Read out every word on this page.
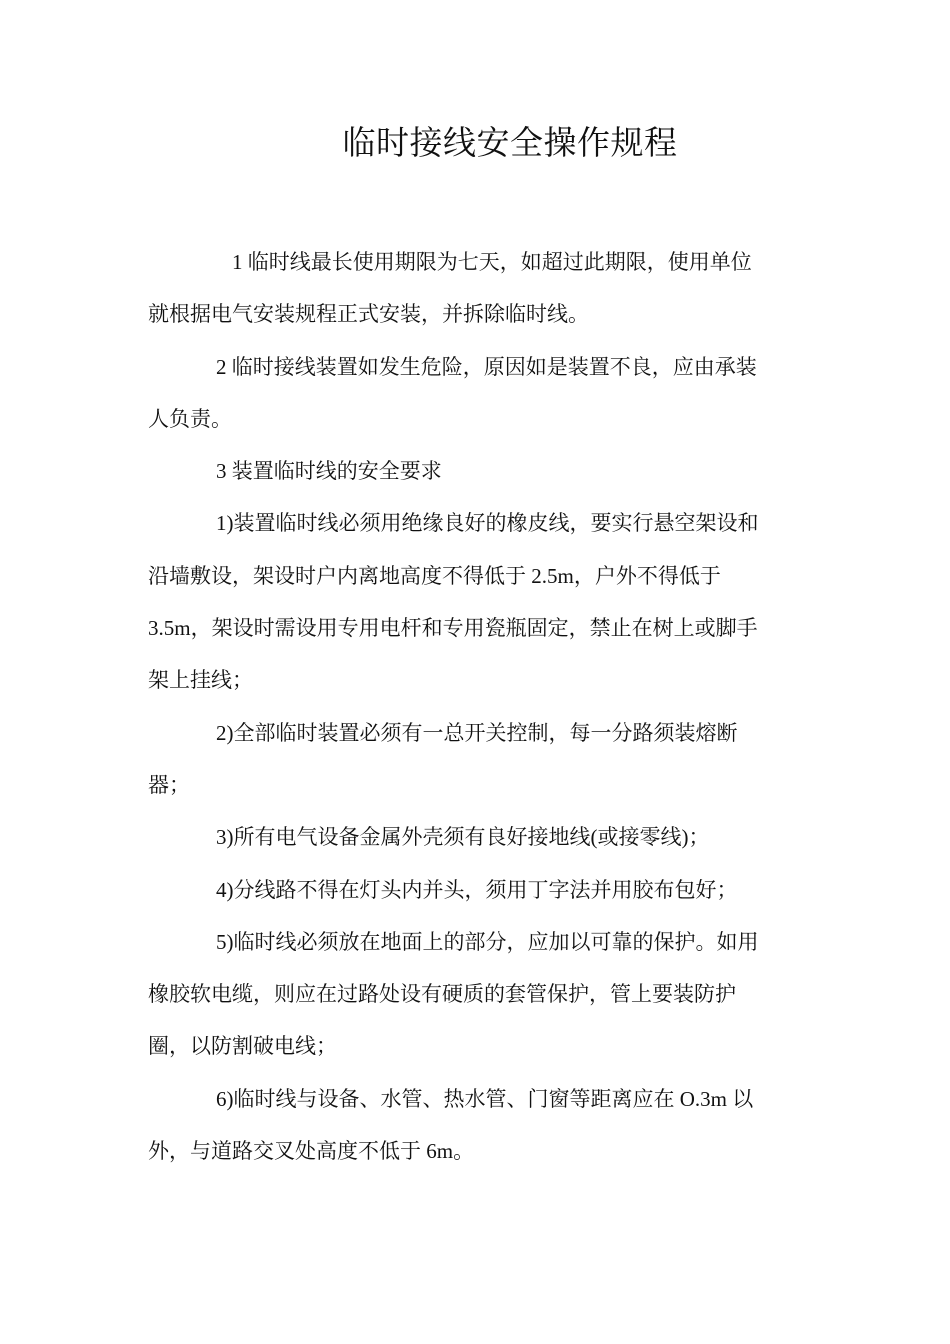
临时接线安全操作规程
1 临时线最长使用期限为七天，如超过此期限，使用单位
就根据电气安装规程正式安装，并拆除临时线。
2 临时接线装置如发生危险，原因如是装置不良，应由承装
人负责。
3 装置临时线的安全要求
1)装置临时线必须用绝缘良好的橡皮线，要实行悬空架设和
沿墙敷设，架设时户内离地高度不得低于 2.5m，户外不得低于
3.5m，架设时需设用专用电杆和专用瓷瓶固定，禁止在树上或脚手
架上挂线；
2)全部临时装置必须有一总开关控制，每一分路须装熔断
器；
3)所有电气设备金属外壳须有良好接地线(或接零线)；
4)分线路不得在灯头内并头，须用丁字法并用胶布包好；
5)临时线必须放在地面上的部分，应加以可靠的保护。如用
橡胶软电缆，则应在过路处设有硬质的套管保护，管上要装防护
圈，以防割破电线；
6)临时线与设备、水管、热水管、门窗等距离应在 O.3m 以
外，与道路交叉处高度不低于 6m。
